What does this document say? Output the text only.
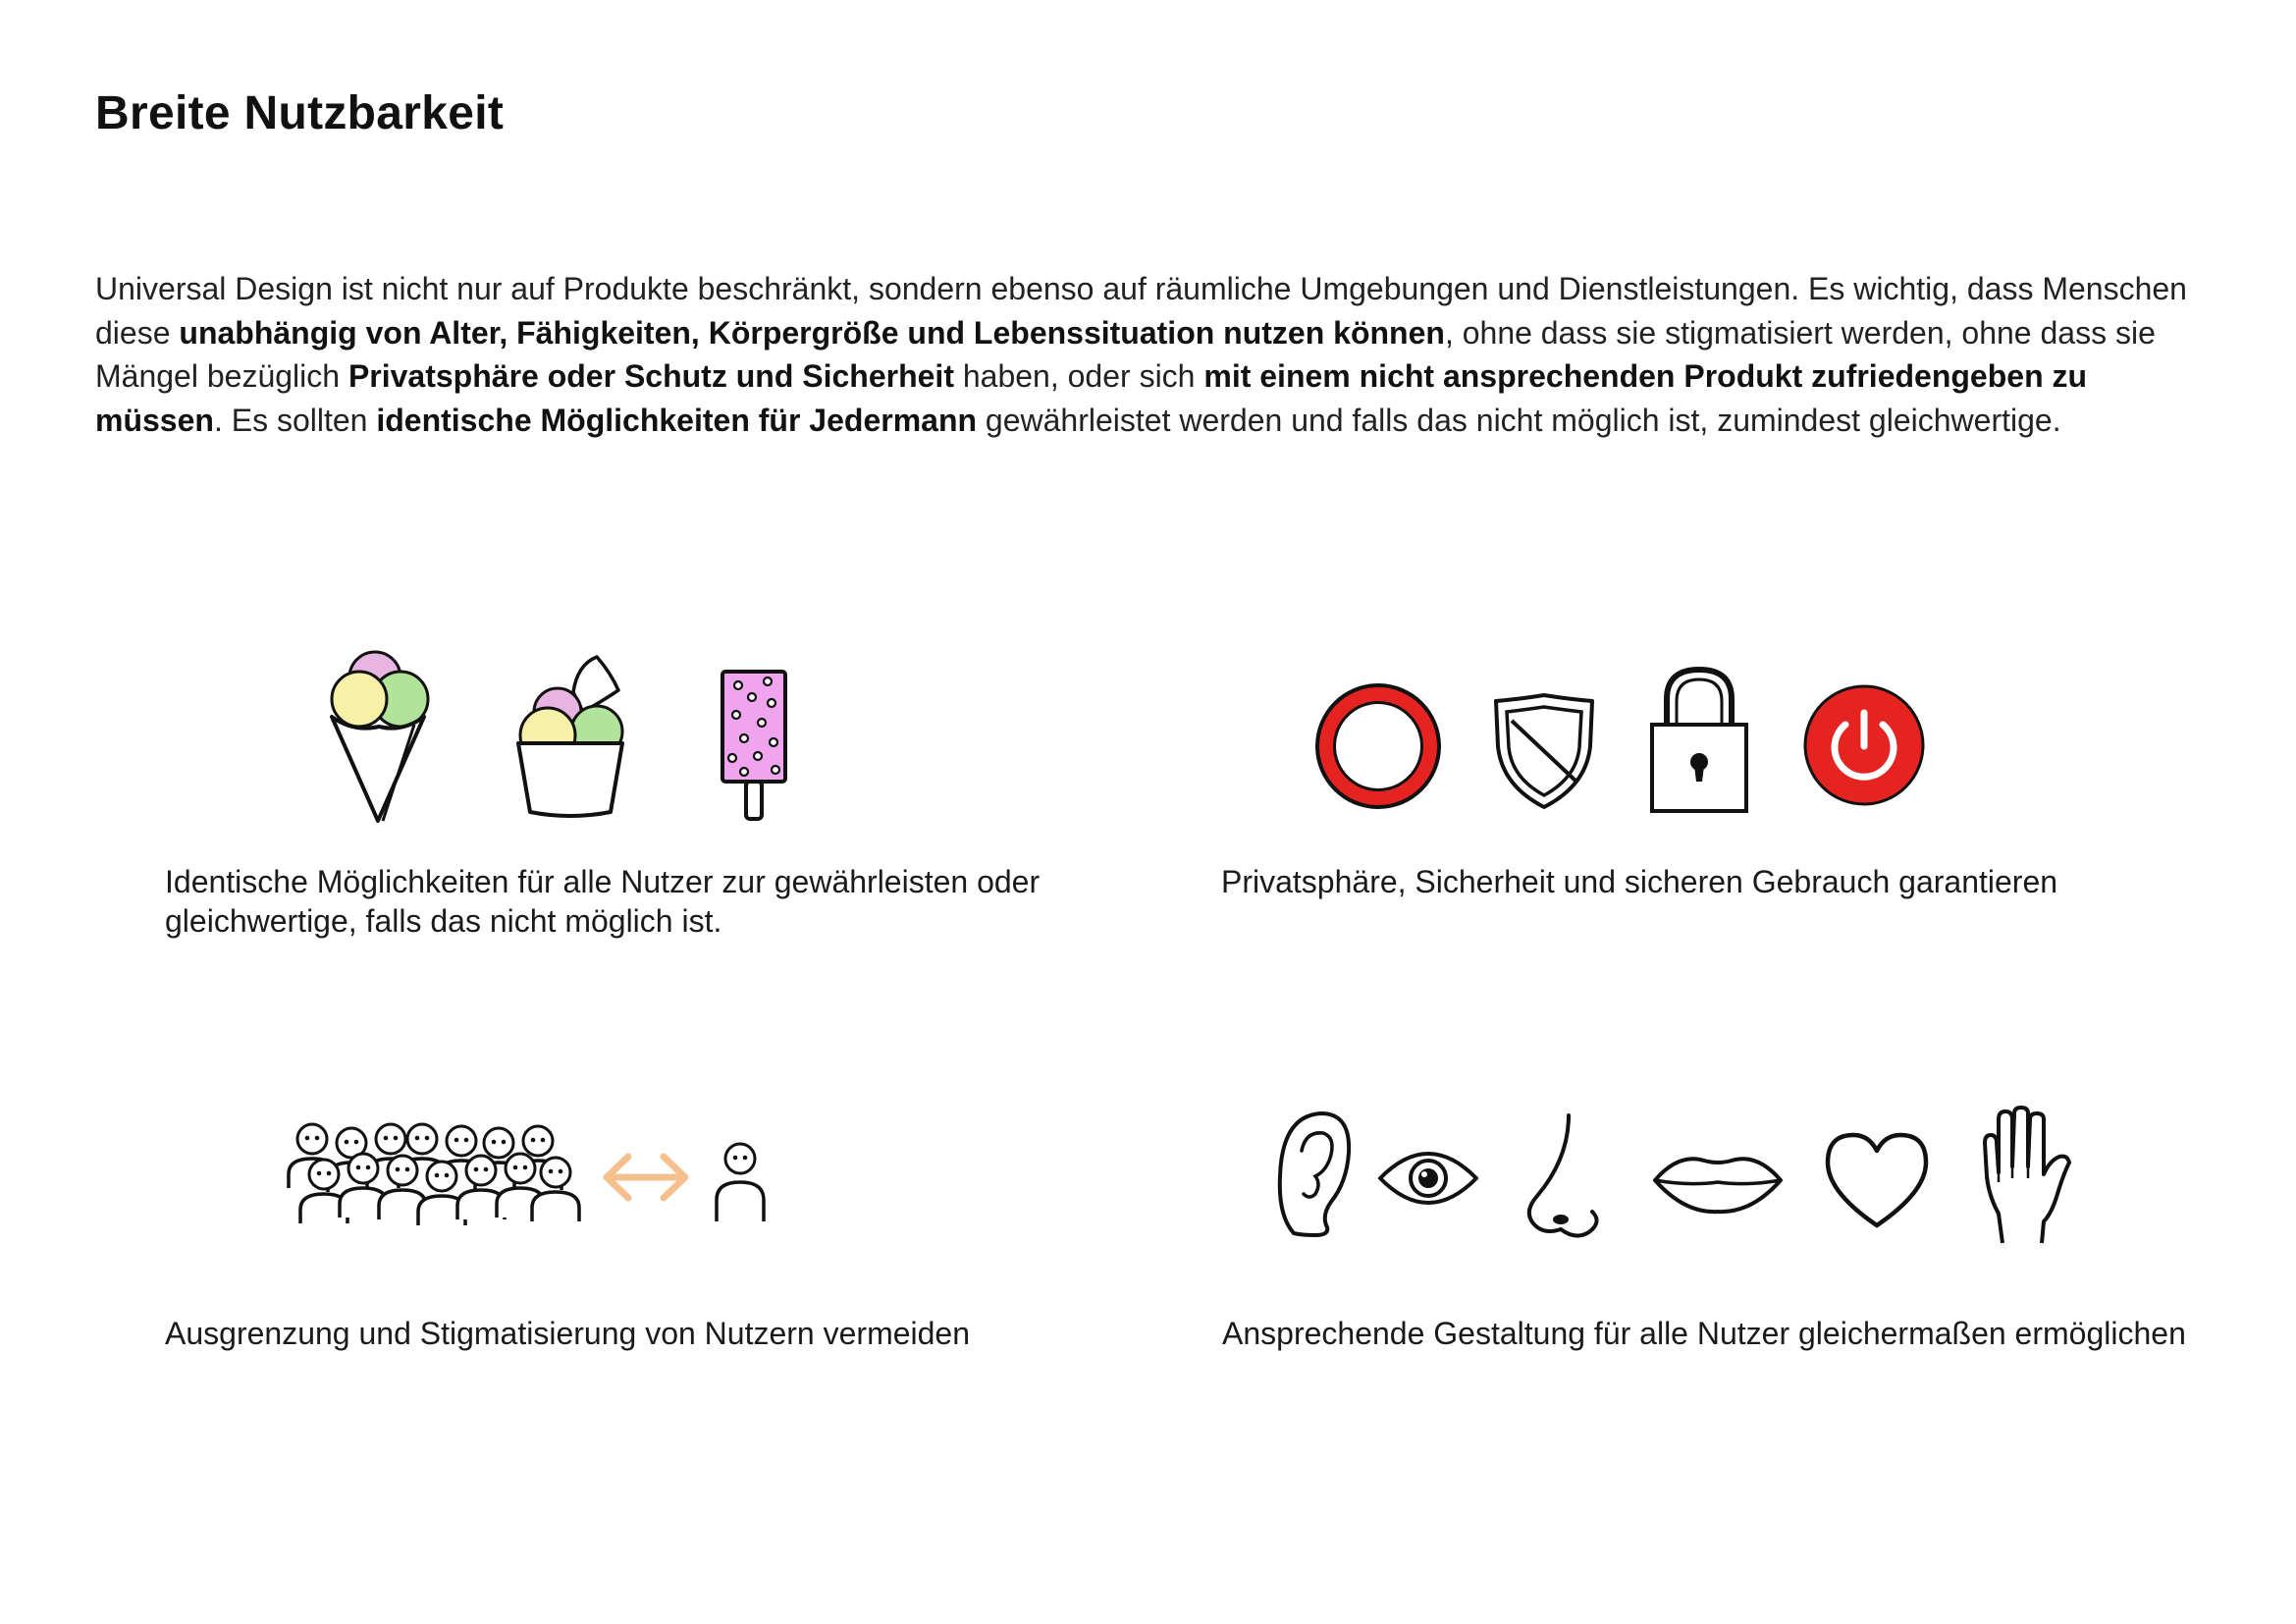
Breite Nutzbarkeit

Universal Design ist nicht nur auf Produkte beschränkt, sondern ebenso auf räumliche Umgebungen und Dienstleistungen. Es wichtig, dass Menschen diese unabhängig von Alter, Fähigkeiten, Körpergröße und Lebenssituation nutzen können, ohne dass sie stigmatisiert werden, ohne dass sie Mängel bezüglich Privatsphäre oder Schutz und Sicherheit haben, oder sich mit einem nicht ansprechenden Produkt zufriedengeben zu müssen. Es sollten identische Möglichkeiten für Jedermann gewährleistet werden und falls das nicht möglich ist, zumindest gleichwertige.

Identische Möglichkeiten für alle Nutzer zur gewährleisten oder gleichwertige, falls das nicht möglich ist.

Privatsphäre, Sicherheit und sicheren Gebrauch garantieren

Ausgrenzung und Stigmatisierung von Nutzern vermeiden	Ansprechende Gestaltung für alle Nutzer gleichermaßen ermöglichen
